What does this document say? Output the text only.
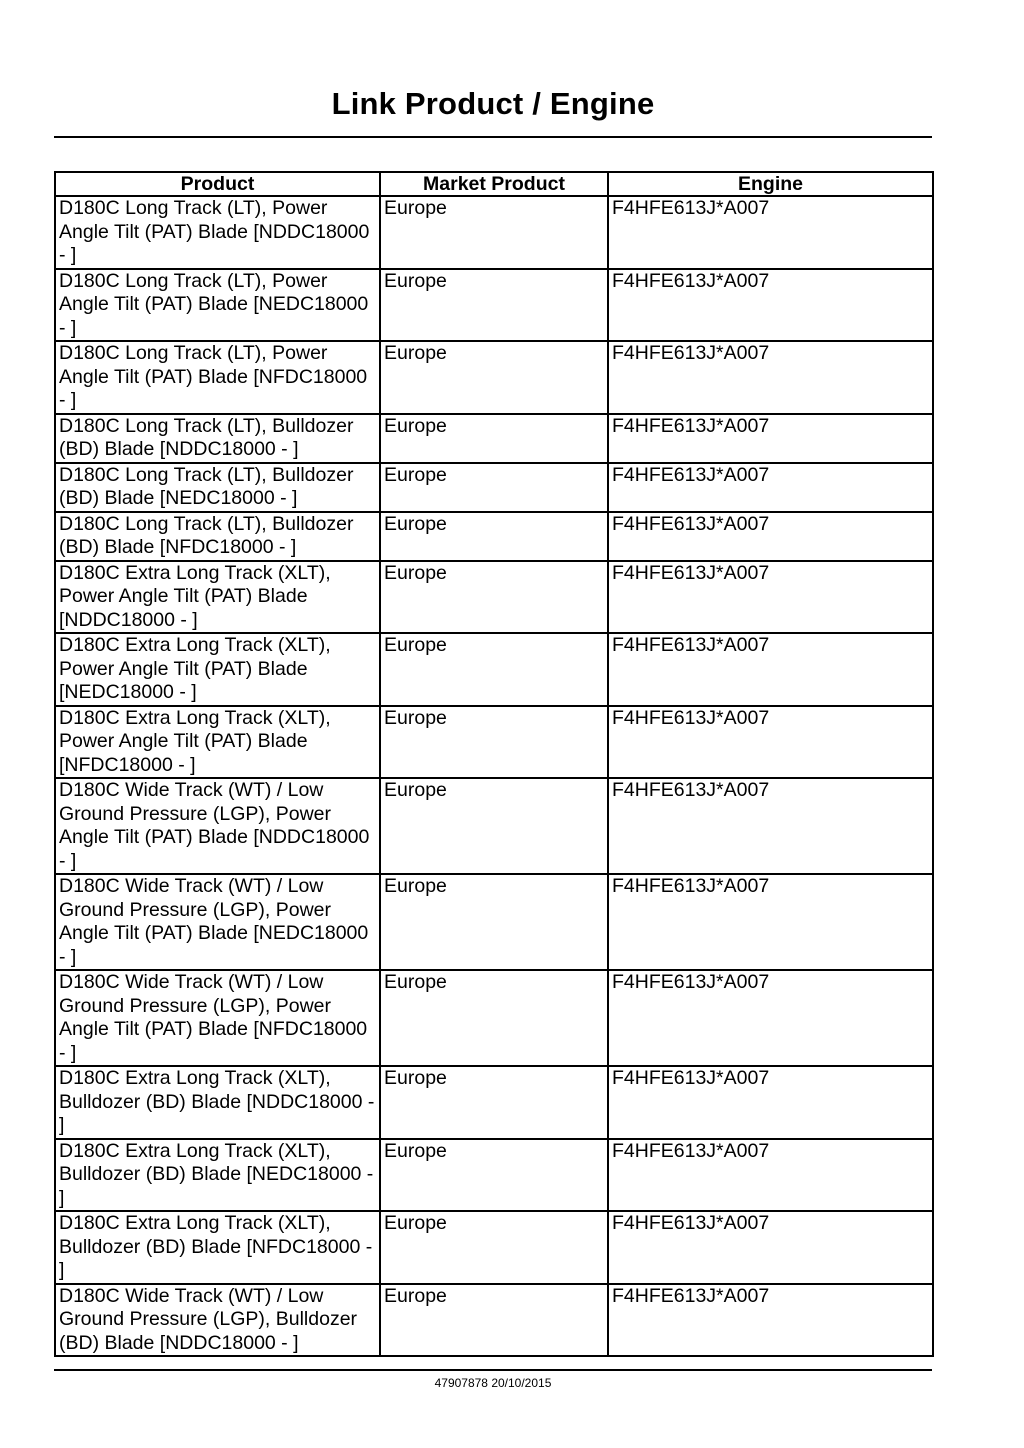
Link Product / Engine
Product	Market Product	Engine
D180C Long Track (LT), Power Angle Tilt (PAT) Blade [NDDC18000 - ]	Europe	F4HFE613J*A007
D180C Long Track (LT), Power Angle Tilt (PAT) Blade [NEDC18000 - ]	Europe	F4HFE613J*A007
D180C Long Track (LT), Power Angle Tilt (PAT) Blade [NFDC18000 - ]	Europe	F4HFE613J*A007
D180C Long Track (LT), Bulldozer (BD) Blade [NDDC18000 - ]	Europe	F4HFE613J*A007
D180C Long Track (LT), Bulldozer (BD) Blade [NEDC18000 - ]	Europe	F4HFE613J*A007
D180C Long Track (LT), Bulldozer (BD) Blade [NFDC18000 - ]	Europe	F4HFE613J*A007
D180C Extra Long Track (XLT), Power Angle Tilt (PAT) Blade [NDDC18000 - ]	Europe	F4HFE613J*A007
D180C Extra Long Track (XLT), Power Angle Tilt (PAT) Blade [NEDC18000 - ]	Europe	F4HFE613J*A007
D180C Extra Long Track (XLT), Power Angle Tilt (PAT) Blade [NFDC18000 - ]	Europe	F4HFE613J*A007
D180C Wide Track (WT) / Low Ground Pressure (LGP), Power Angle Tilt (PAT) Blade [NDDC18000 - ]	Europe	F4HFE613J*A007
D180C Wide Track (WT) / Low Ground Pressure (LGP), Power Angle Tilt (PAT) Blade [NEDC18000 - ]	Europe	F4HFE613J*A007
D180C Wide Track (WT) / Low Ground Pressure (LGP), Power Angle Tilt (PAT) Blade [NFDC18000 - ]	Europe	F4HFE613J*A007
D180C Extra Long Track (XLT), Bulldozer (BD) Blade [NDDC18000 - ]	Europe	F4HFE613J*A007
D180C Extra Long Track (XLT), Bulldozer (BD) Blade [NEDC18000 - ]	Europe	F4HFE613J*A007
D180C Extra Long Track (XLT), Bulldozer (BD) Blade [NFDC18000 - ]	Europe	F4HFE613J*A007
D180C Wide Track (WT) / Low Ground Pressure (LGP), Bulldozer (BD) Blade [NDDC18000 - ]	Europe	F4HFE613J*A007
47907878 20/10/2015
